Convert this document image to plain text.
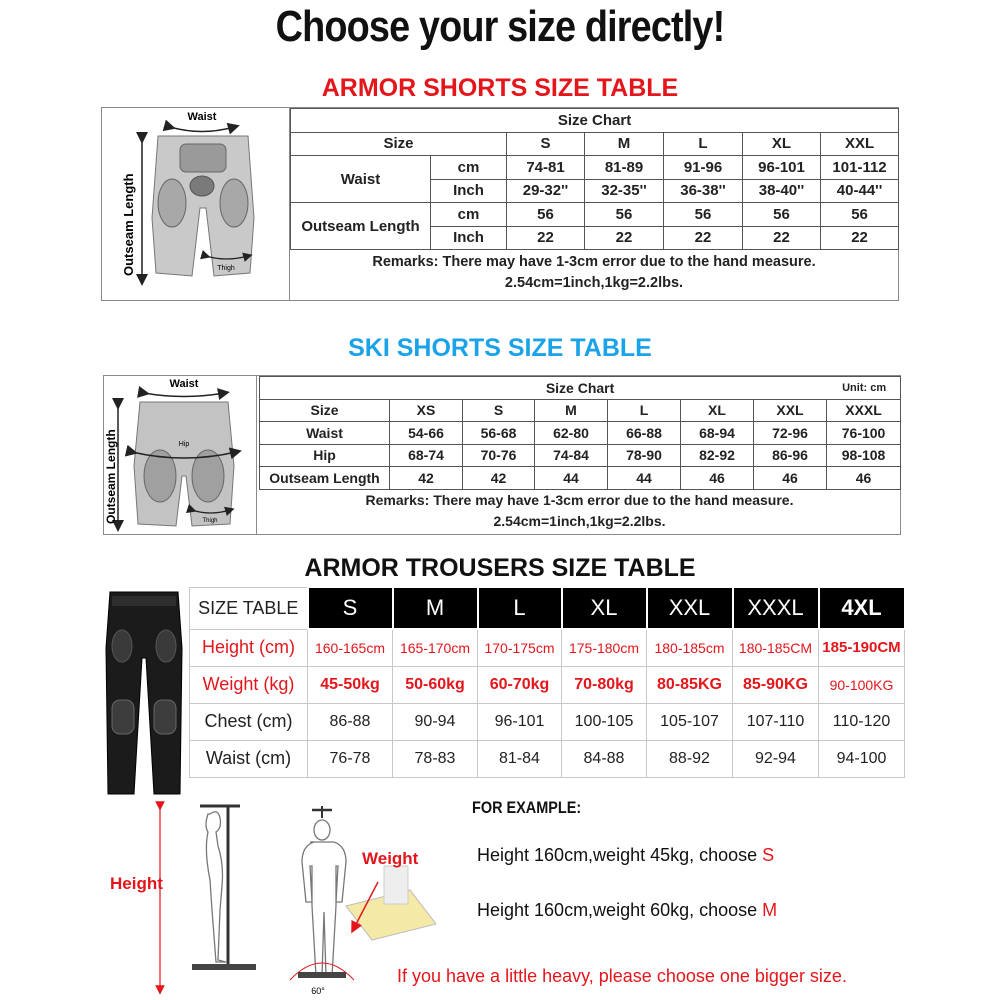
Choose your size directly!
ARMOR SHORTS SIZE TABLE
Waist
Outseam Length	Thigh
Size Chart						
Size		S	M	L	XL	XXL
Waist	cm	74-81	81-89	91-96	96-101	101-112
	Inch	29-32''	32-35''	36-38''	38-40''	40-44''
Outseam Length	cm	56	56	56	56	56
	Inch	22	22	22	22	22
Remarks: There may have 1-3cm error due to the hand measure.
2.54cm=1inch,1kg=2.2lbs.
SKI SHORTS SIZE TABLE
Waist
Hip
Outseam Length	Thigh
Size Chart Unit: cm							

Size	XS	S	M	L	XL	XXL	XXXL
Waist	54-66	56-68	62-80	66-88	68-94	72-96	76-100
Hip	68-74	70-76	74-84	78-90	82-92	86-96	98-108
Outseam Length	42	42	44	44	46	46	46
Remarks: There may have 1-3cm error due to the hand measure.
2.54cm=1inch,1kg=2.2lbs.
ARMOR TROUSERS SIZE TABLE
SIZE TABLE	S	M	L	XL	XXL	XXXL	4XL
Height (cm)	160-165cm	165-170cm	170-175cm	175-180cm	180-185cm	180-185CM	185-190CM
Weight (kg)	45-50kg	50-60kg	60-70kg	70-80kg	80-85KG	85-90KG	90-100KG
Chest (cm)	86-88	90-94	96-101	100-105	105-107	107-110	110-120
Waist (cm)	76-78	78-83	81-84	84-88	88-92	92-94	94-100
60°
Height
Weight
FOR EXAMPLE:
Height 160cm,weight 45kg, choose S
Height 160cm,weight 60kg, choose M
If you have a little heavy, please choose one bigger size.
